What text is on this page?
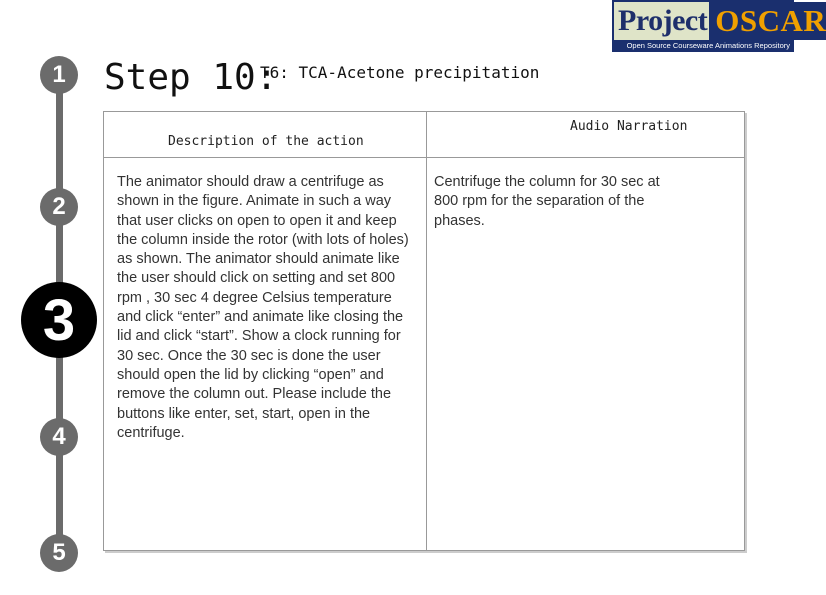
Project OSCAR
Open Source Courseware Animations Repository
1
2
3
4
5
Step 10:
T6: TCA-Acetone precipitation
Description of the action
Audio Narration

The animator should draw a centrifuge as shown in the figure. Animate in such a way that user clicks on open to open it and keep the column inside the rotor (with lots of holes) as shown. The animator should animate like the user should click on setting and set 800 rpm , 30 sec 4 degree Celsius temperature and click “enter” and animate like closing the lid and click “start”. Show a clock running for 30 sec. Once the 30 sec is done the user should open the lid by clicking “open” and remove the column out. Please include the buttons like enter, set, start, open in the centrifuge.

Centrifuge the column for 30 sec at 800 rpm for the separation of the phases.
